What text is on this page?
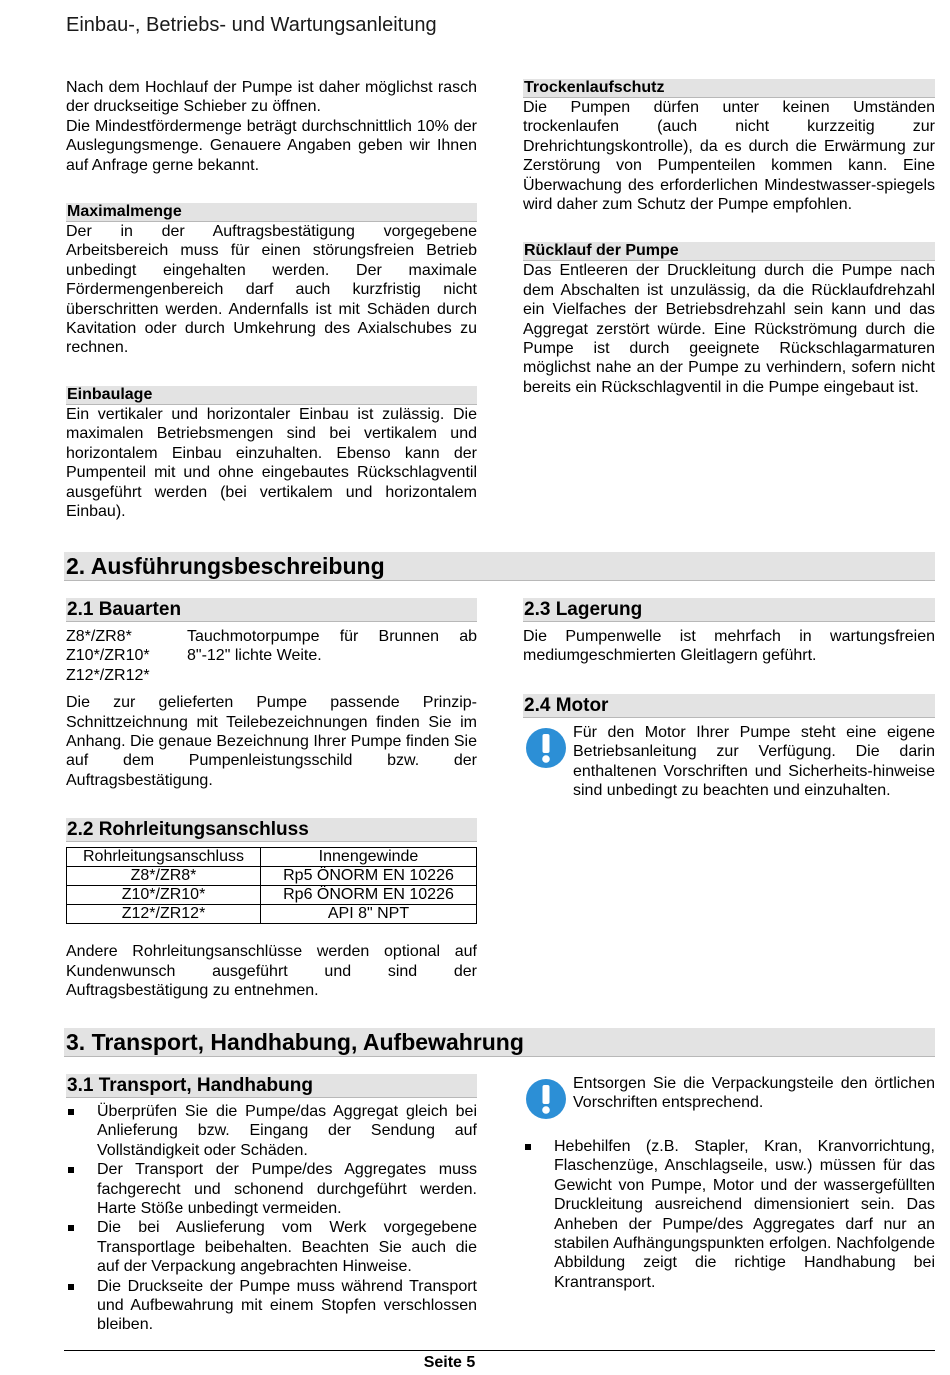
Einbau-, Betriebs- und Wartungsanleitung

Nach dem Hochlauf der Pumpe ist daher möglichst rasch der druckseitige Schieber zu öffnen.

Die Mindestfördermenge beträgt durchschnittlich 10% der Auslegungsmenge. Genauere Angaben geben wir Ihnen auf Anfrage gerne bekannt.

Maximalmenge

Der in der Auftragsbestätigung vorgegebene Arbeitsbereich muss für einen störungsfreien Betrieb unbedingt eingehalten werden. Der maximale Fördermengenbereich darf auch kurzfristig nicht überschritten werden. Andernfalls ist mit Schäden durch Kavitation oder durch Umkehrung des Axialschubes zu rechnen.

Einbaulage

Ein vertikaler und horizontaler Einbau ist zulässig. Die maximalen Betriebsmengen sind bei vertikalem und horizontalem Einbau einzuhalten. Ebenso kann der Pumpenteil mit und ohne eingebautes Rückschlagventil ausgeführt werden (bei vertikalem und horizontalem Einbau).

Trockenlaufschutz

Die Pumpen dürfen unter keinen Umständen trockenlaufen (auch nicht kurzzeitig zur Drehrichtungskontrolle), da es durch die Erwärmung zur Zerstörung von Pumpenteilen kommen kann. Eine Überwachung des erforderlichen Mindestwasser-spiegels wird daher zum Schutz der Pumpe empfohlen.

Rücklauf der Pumpe

Das Entleeren der Druckleitung durch die Pumpe nach dem Abschalten ist unzulässig, da die Rücklaufdrehzahl ein Vielfaches der Betriebsdrehzahl sein kann und das Aggregat zerstört würde. Eine Rückströmung durch die Pumpe ist durch geeignete Rückschlagarmaturen möglichst nahe an der Pumpe zu verhindern, sofern nicht bereits ein Rückschlagventil in die Pumpe eingebaut ist.

2. Ausführungsbeschreibung
2.1 Bauarten
Z8*/ZR8*
Z10*/ZR10*
Z12*/ZR12*
Tauchmotorpumpe für Brunnen ab 8"-12" lichte Weite.

Die zur gelieferten Pumpe passende Prinzip-Schnittzeichnung mit Teilebezeichnungen finden Sie im Anhang. Die genaue Bezeichnung Ihrer Pumpe finden Sie auf dem Pumpenleistungsschild bzw. der Auftragsbestätigung.

2.2 Rohrleitungsanschluss
Rohrleitungsanschluss	Innengewinde
Z8*/ZR8*	Rp5 ÖNORM EN 10226
Z10*/ZR10*	Rp6 ÖNORM EN 10226
Z12*/ZR12*	API 8" NPT

Andere Rohrleitungsanschlüsse werden optional auf Kundenwunsch ausgeführt und sind der Auftragsbestätigung zu entnehmen.

2.3 Lagerung

Die Pumpenwelle ist mehrfach in wartungsfreien mediumgeschmierten Gleitlagern geführt.

2.4 Motor

Für den Motor Ihrer Pumpe steht eine eigene Betriebsanleitung zur Verfügung. Die darin enthaltenen Vorschriften und Sicherheits-hinweise sind unbedingt zu beachten und einzuhalten.

3. Transport, Handhabung, Aufbewahrung
3.1 Transport, Handhabung
Überprüfen Sie die Pumpe/das Aggregat gleich bei Anlieferung bzw. Eingang der Sendung auf Vollständigkeit oder Schäden.
Der Transport der Pumpe/des Aggregates muss fachgerecht und schonend durchgeführt werden. Harte Stöße unbedingt vermeiden.
Die bei Auslieferung vom Werk vorgegebene Transportlage beibehalten. Beachten Sie auch die auf der Verpackung angebrachten Hinweise.
Die Druckseite der Pumpe muss während Transport und Aufbewahrung mit einem Stopfen verschlossen bleiben.

Entsorgen Sie die Verpackungsteile den örtlichen Vorschriften entsprechend.

Hebehilfen (z.B. Stapler, Kran, Kranvorrichtung, Flaschenzüge, Anschlagseile, usw.) müssen für das Gewicht von Pumpe, Motor und der wassergefüllten Druckleitung ausreichend dimensioniert sein. Das Anheben der Pumpe/des Aggregates darf nur an stabilen Aufhängungspunkten erfolgen. Nachfolgende Abbildung zeigt die richtige Handhabung bei Krantransport.
Seite 5
